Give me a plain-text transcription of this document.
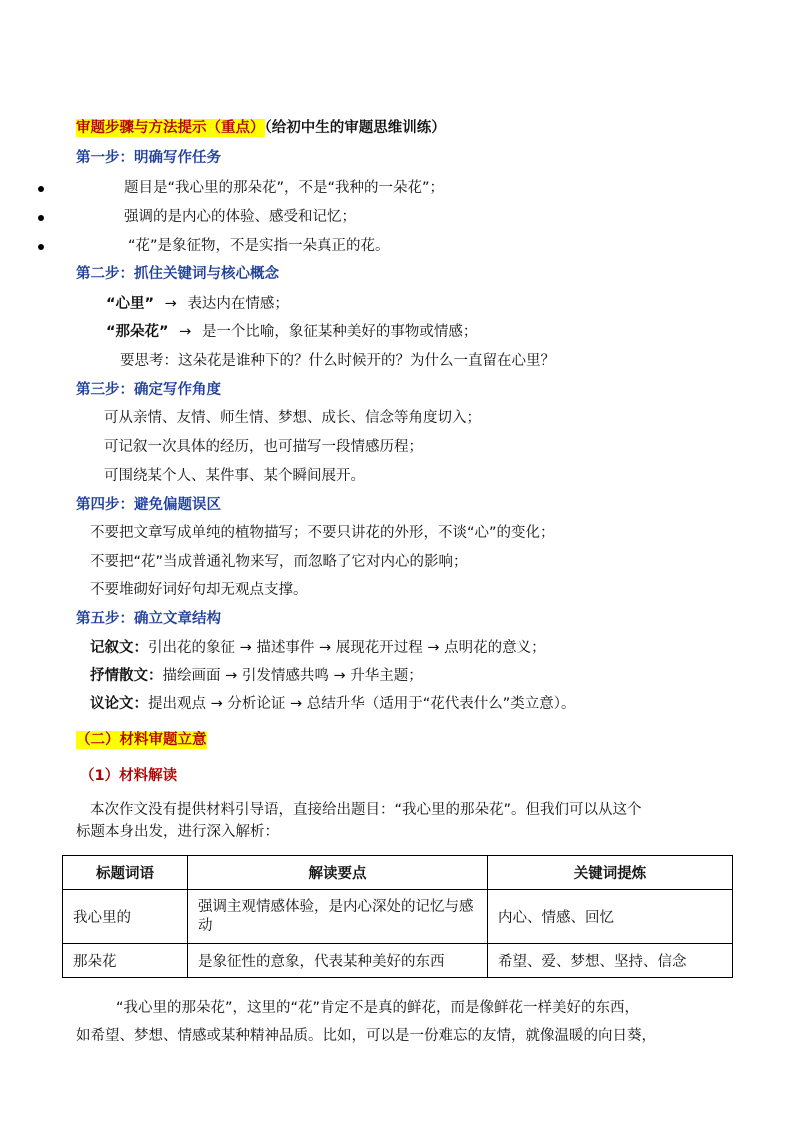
审题步骤与方法提示（重点）（给初中生的审题思维训练）
第一步：明确写作任务
题目是“我心里的那朵花”，不是“我种的一朵花”；
强调的是内心的体验、感受和记忆；
“花”是象征物，不是实指一朵真正的花。
第二步：抓住关键词与核心概念
“心里” → 表达内在情感；
“那朵花” → 是一个比喻，象征某种美好的事物或情感；
要思考：这朵花是谁种下的？什么时候开的？为什么一直留在心里？
第三步：确定写作角度
可从亲情、友情、师生情、梦想、成长、信念等角度切入；
可记叙一次具体的经历，也可描写一段情感历程；
可围绕某个人、某件事、某个瞬间展开。
第四步：避免偏题误区
不要把文章写成单纯的植物描写；不要只讲花的外形，不谈“心”的变化；
不要把“花”当成普通礼物来写，而忽略了它对内心的影响；
不要堆砌好词好句却无观点支撑。
第五步：确立文章结构
记叙文：引出花的象征 → 描述事件 → 展现花开过程 → 点明花的意义；
抒情散文：描绘画面 → 引发情感共鸣 → 升华主题；
议论文：提出观点 → 分析论证 → 总结升华（适用于“花代表什么”类立意）。
（二）材料审题立意
（1）材料解读
本次作文没有提供材料引导语，直接给出题目：“我心里的那朵花”。但我们可以从这个
标题本身出发，进行深入解析：
标题词语	解读要点	关键词提炼
我心里的	强调主观情感体验，是内心深处的记忆与感动	内心、情感、回忆
那朵花	是象征性的意象，代表某种美好的东西	希望、爱、梦想、坚持、信念
“我心里的那朵花”，这里的“花”肯定不是真的鲜花，而是像鲜花一样美好的东西，
如希望、梦想、情感或某种精神品质。比如，可以是一份难忘的友情，就像温暖的向日葵，
